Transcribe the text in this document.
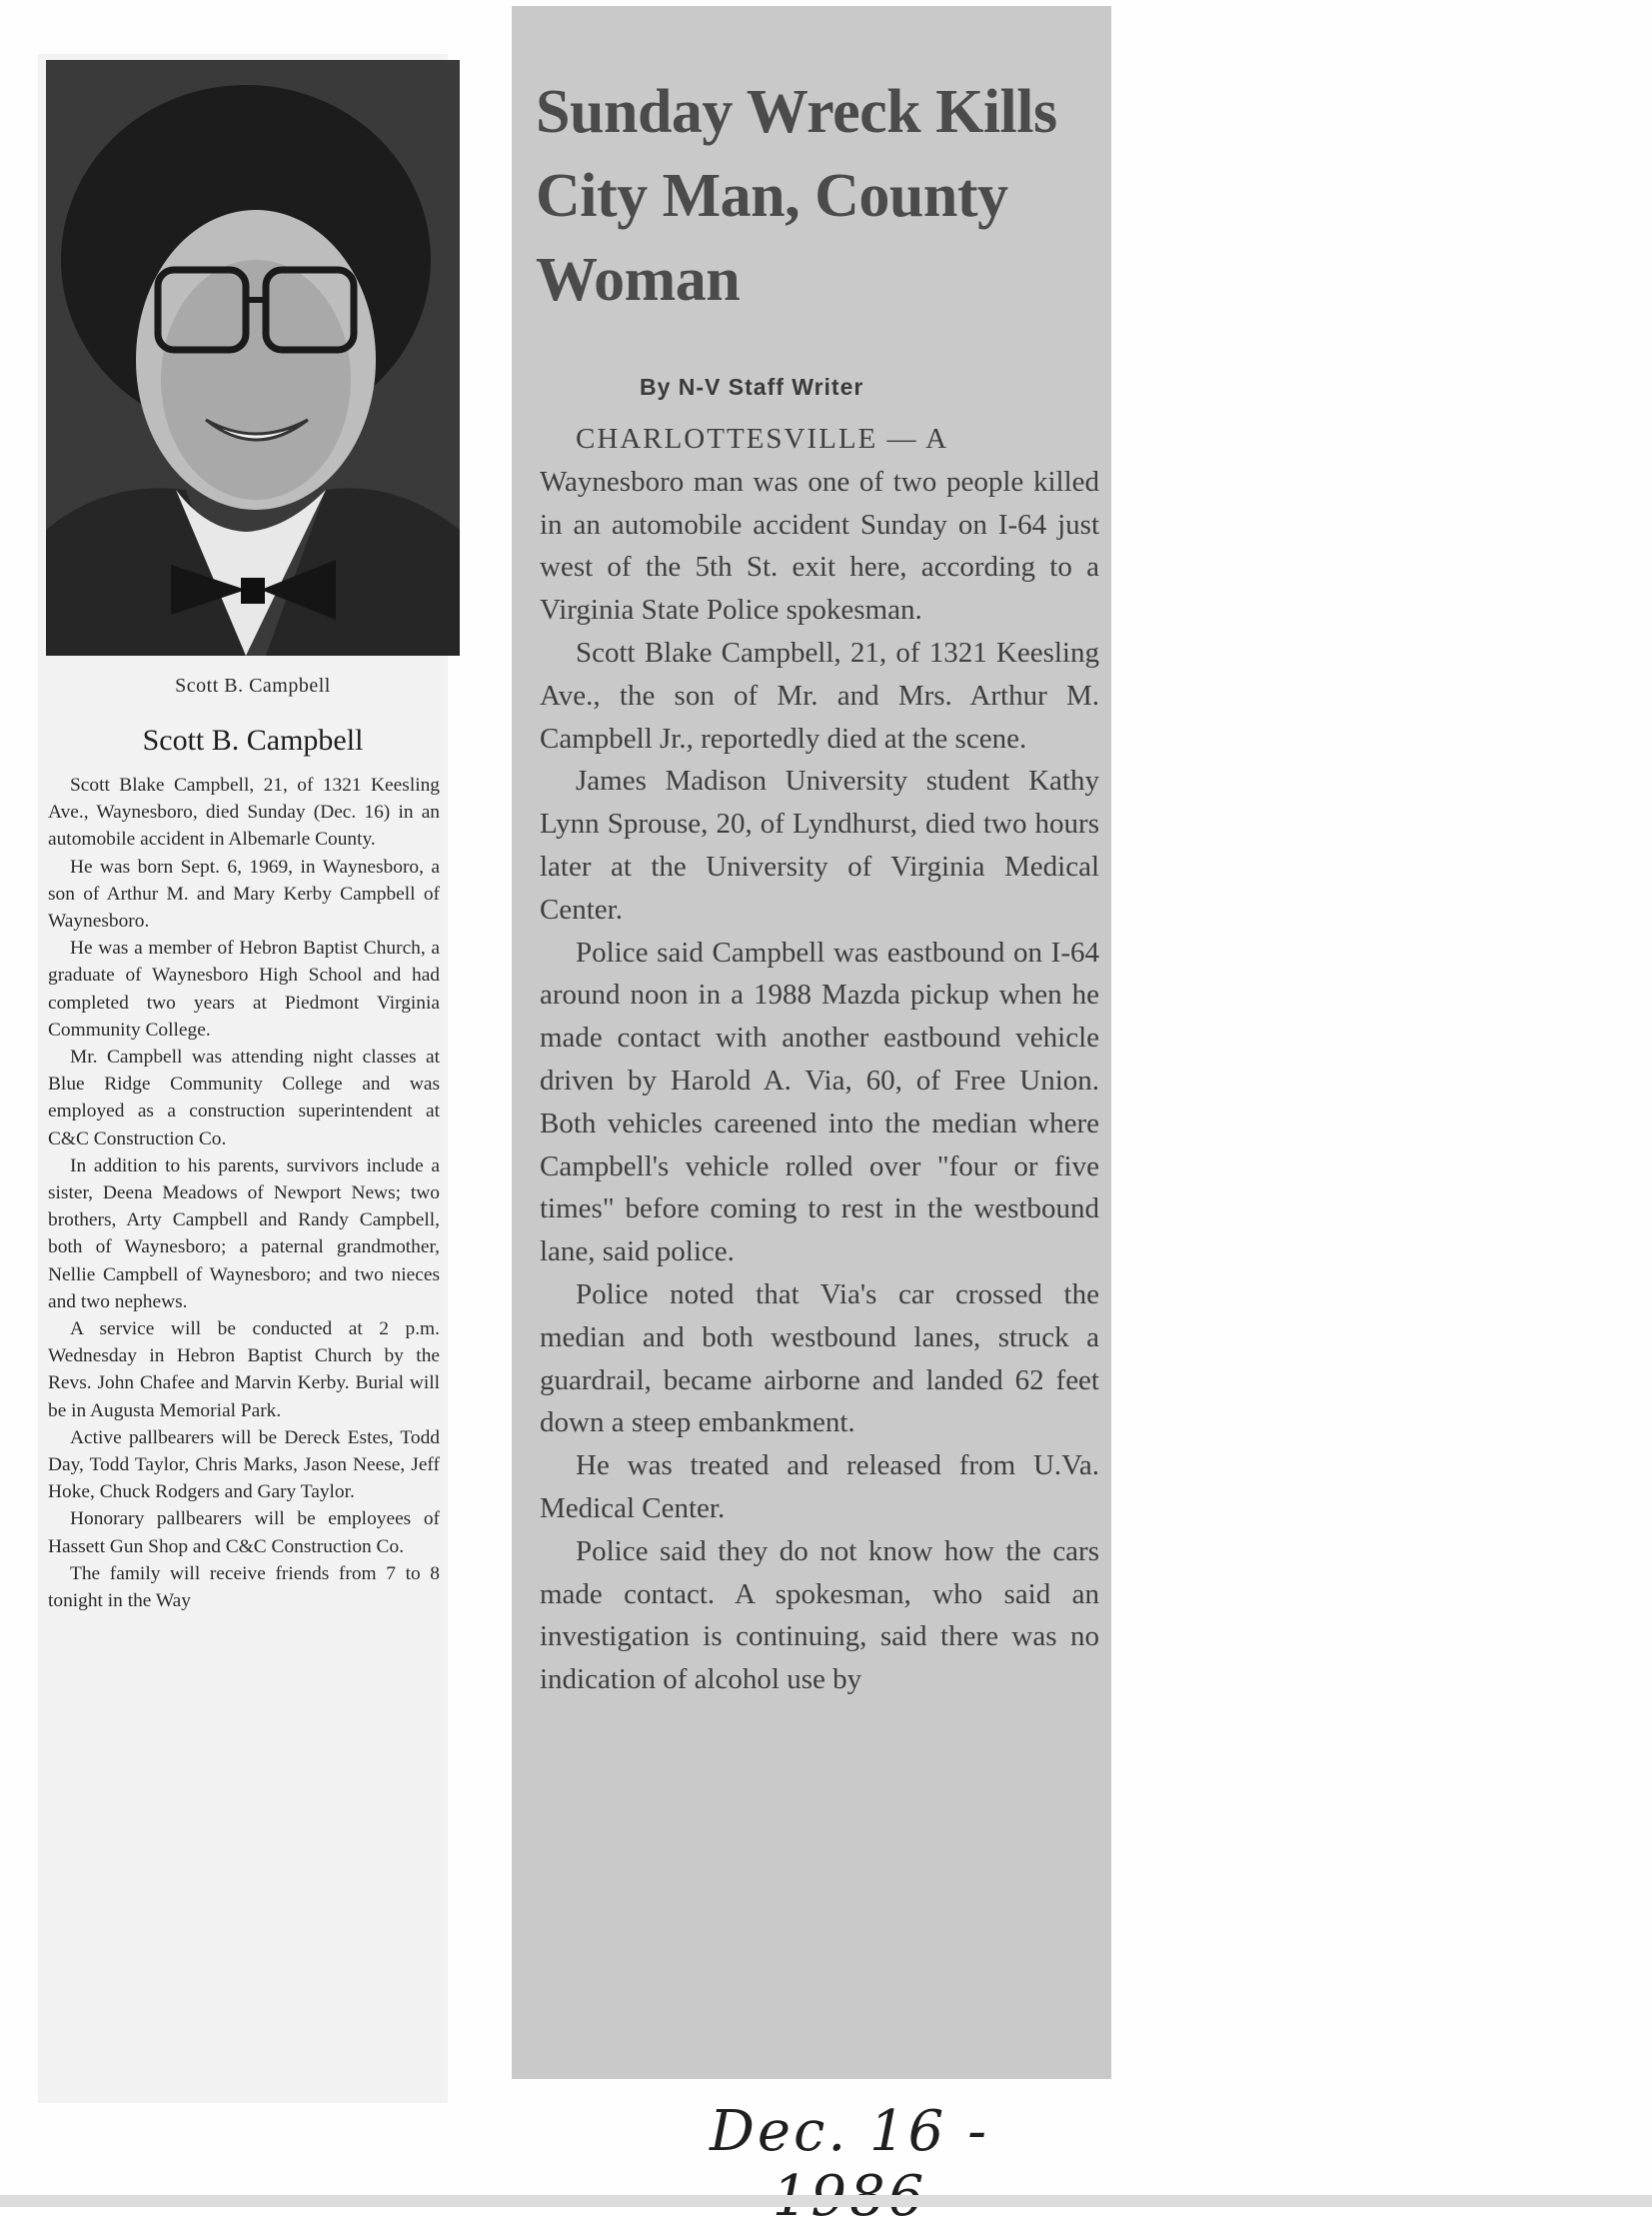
Scott B. Campbell
Scott B. Campbell

Scott Blake Campbell, 21, of 1321 Keesling Ave., Waynesboro, died Sunday (Dec. 16) in an automobile accident in Albemarle County.

He was born Sept. 6, 1969, in Waynesboro, a son of Arthur M. and Mary Kerby Campbell of Waynesboro.

He was a member of Hebron Baptist Church, a graduate of Waynesboro High School and had completed two years at Piedmont Virginia Community College.

Mr. Campbell was attending night classes at Blue Ridge Community College and was employed as a construction superintendent at C&C Construction Co.

In addition to his parents, survivors include a sister, Deena Meadows of Newport News; two brothers, Arty Campbell and Randy Campbell, both of Waynesboro; a paternal grandmother, Nellie Campbell of Waynesboro; and two nieces and two nephews.

A service will be conducted at 2 p.m. Wednesday in Hebron Baptist Church by the Revs. John Chafee and Marvin Kerby. Burial will be in Augusta Memorial Park.

Active pallbearers will be Dereck Estes, Todd Day, Todd Taylor, Chris Marks, Jason Neese, Jeff Hoke, Chuck Rodgers and Gary Taylor.

Honorary pallbearers will be employees of Hassett Gun Shop and C&C Construction Co.

The family will receive friends from 7 to 8 tonight in the Way

Sunday Wreck Kills City Man, County Woman
By N-V Staff Writer

CHARLOTTESVILLE — A

Waynesboro man was one of two people killed in an automobile accident Sunday on I-64 just west of the 5th St. exit here, according to a Virginia State Police spokesman.

Scott Blake Campbell, 21, of 1321 Keesling Ave., the son of Mr. and Mrs. Arthur M. Campbell Jr., reportedly died at the scene.

James Madison University student Kathy Lynn Sprouse, 20, of Lyndhurst, died two hours later at the University of Virginia Medical Center.

Police said Campbell was eastbound on I-64 around noon in a 1988 Mazda pickup when he made contact with another eastbound vehicle driven by Harold A. Via, 60, of Free Union. Both vehicles careened into the median where Campbell's vehicle rolled over "four or five times" before coming to rest in the westbound lane, said police.

Police noted that Via's car crossed the median and both westbound lanes, struck a guardrail, became airborne and landed 62 feet down a steep embankment.

He was treated and released from U.Va. Medical Center.

Police said they do not know how the cars made contact. A spokesman, who said an investigation is continuing, said there was no indication of alcohol use by

Dec. 16 -
